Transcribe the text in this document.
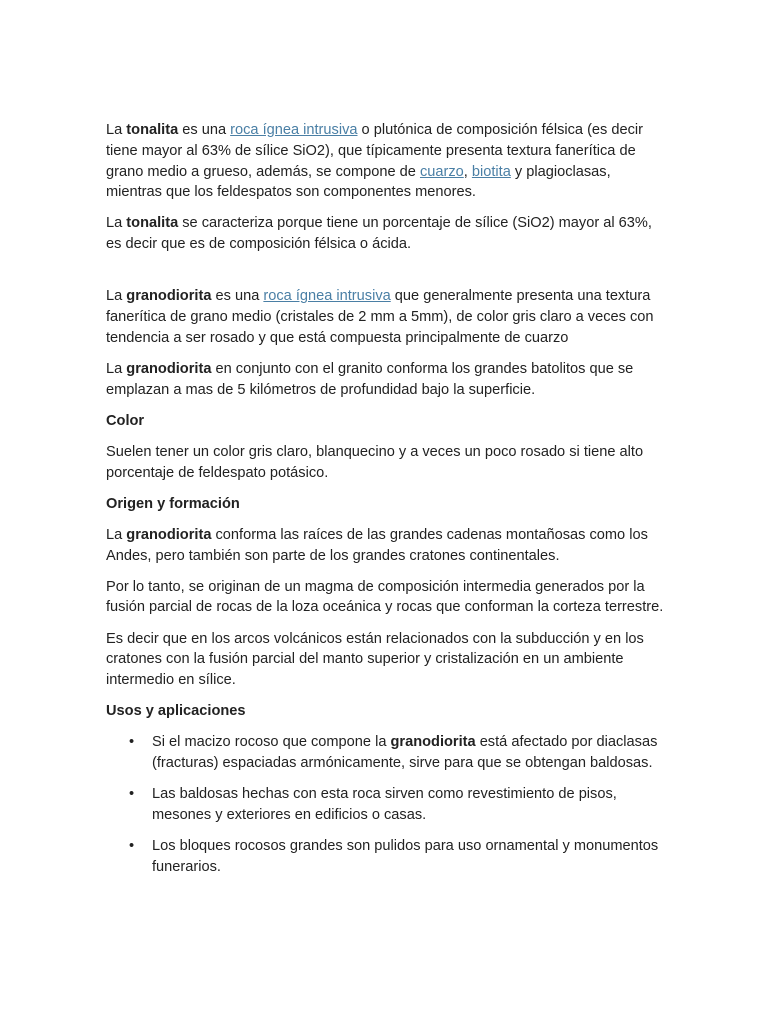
La tonalita es una roca ígnea intrusiva o plutónica de composición félsica (es decir tiene mayor al 63% de sílice SiO2), que típicamente presenta textura fanerítica de grano medio a grueso, además, se compone de cuarzo, biotita y plagioclasas, mientras que los feldespatos son componentes menores.

La tonalita se caracteriza porque tiene un porcentaje de sílice (SiO2) mayor al 63%, es decir que es de composición félsica o ácida.

La granodiorita es una roca ígnea intrusiva que generalmente presenta una textura fanerítica de grano medio (cristales de 2 mm a 5mm), de color gris claro a veces con tendencia a ser rosado y que está compuesta principalmente de cuarzo

La granodiorita en conjunto con el granito conforma los grandes batolitos que se emplazan a mas de 5 kilómetros de profundidad bajo la superficie.

Color

Suelen tener un color gris claro, blanquecino y a veces un poco rosado si tiene alto porcentaje de feldespato potásico.

Origen y formación

La granodiorita conforma las raíces de las grandes cadenas montañosas como los Andes, pero también son parte de los grandes cratones continentales.

Por lo tanto, se originan de un magma de composición intermedia generados por la fusión parcial de rocas de la loza oceánica y rocas que conforman la corteza terrestre.

Es decir que en los arcos volcánicos están relacionados con la subducción y en los cratones con la fusión parcial del manto superior y cristalización en un ambiente intermedio en sílice.

Usos y aplicaciones
• Si el macizo rocoso que compone la granodiorita está afectado por diaclasas (fracturas) espaciadas armónicamente, sirve para que se obtengan baldosas.
• Las baldosas hechas con esta roca sirven como revestimiento de pisos, mesones y exteriores en edificios o casas.
• Los bloques rocosos grandes son pulidos para uso ornamental y monumentos funerarios.
